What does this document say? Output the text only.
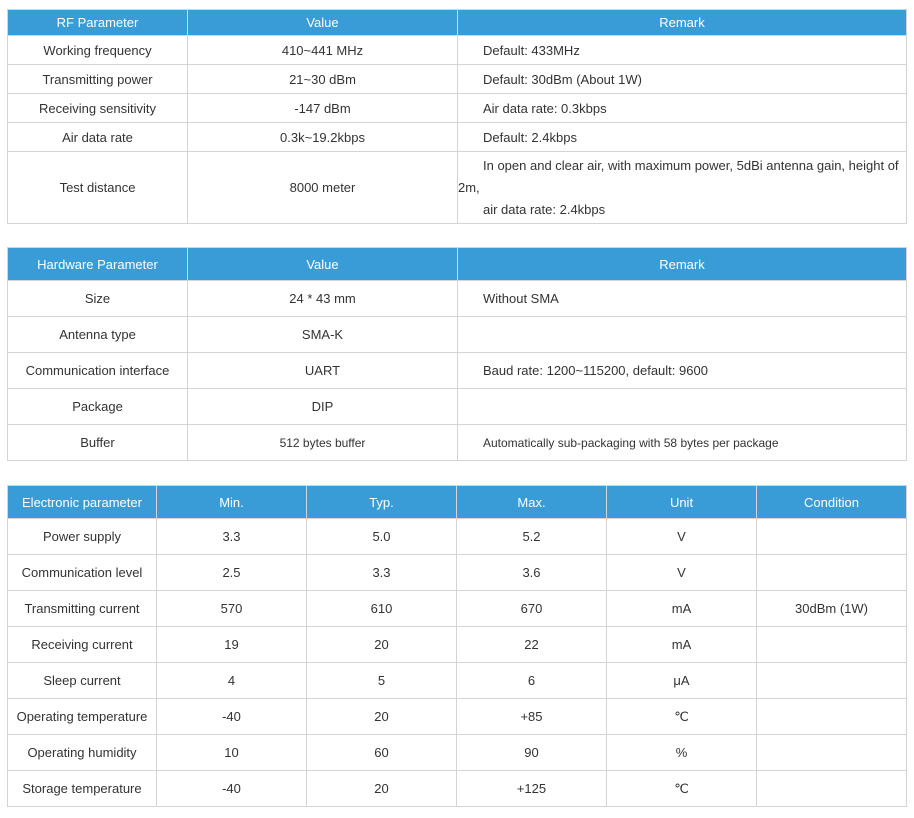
RF Parameter	Value	Remark
Working frequency	410~441 MHz	Default: 433MHz
Transmitting power	21~30 dBm	Default: 30dBm (About 1W)
Receiving sensitivity	-147 dBm	Air data rate: 0.3kbps
Air data rate	0.3k~19.2kbps	Default: 2.4kbps
Test distance	8000 meter	In open and clear air, with maximum power, 5dBi antenna gain, height of
2m,
air data rate: 2.4kbps
Hardware Parameter	Value	Remark
Size	24 * 43 mm	Without SMA
Antenna type	SMA-K	
Communication interface	UART	Baud rate: 1200~115200, default: 9600
Package	DIP	
Buffer	512 bytes buffer	Automatically sub-packaging with 58 bytes per package
Electronic parameter	Min.	Typ.	Max.	Unit	Condition
Power supply	3.3	5.0	5.2	V	
Communication level	2.5	3.3	3.6	V	
Transmitting current	570	610	670	mA	30dBm (1W)
Receiving current	19	20	22	mA	
Sleep current	4	5	6	μA	
Operating temperature	-40	20	+85	℃	
Operating humidity	10	60	90	%	
Storage temperature	-40	20	+125	℃	
